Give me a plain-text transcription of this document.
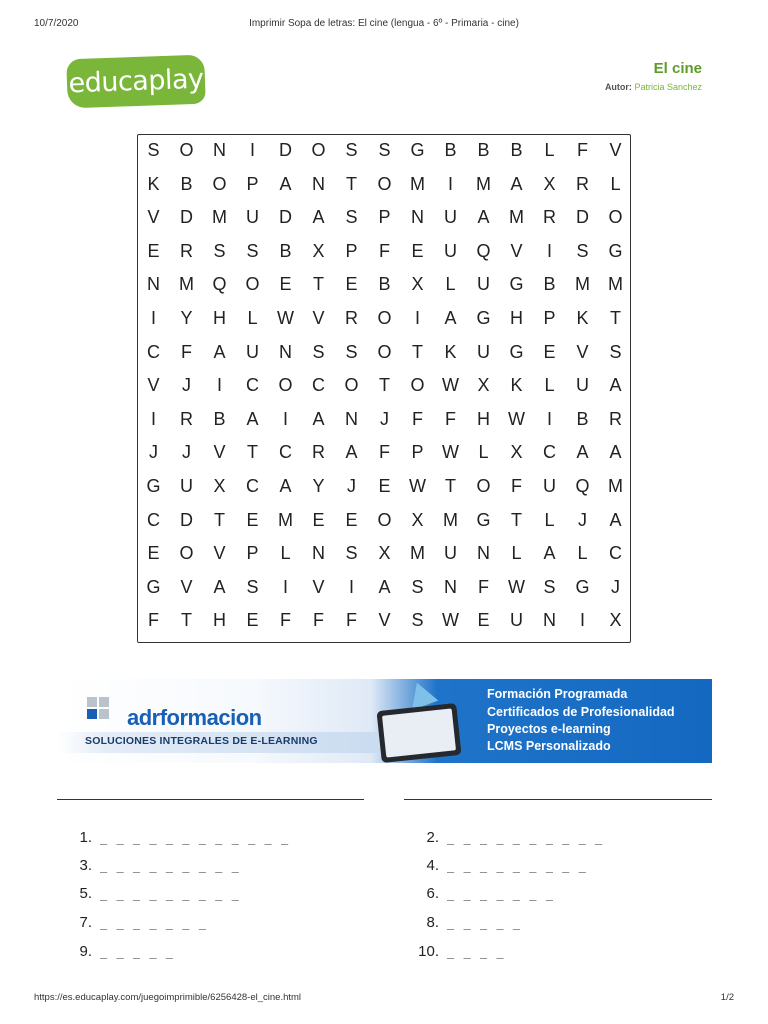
10/7/2020	Imprimir Sopa de letras: El cine (lengua - 6º - Primaria - cine)
educaplay	El cine
Autor: Patricia Sanchez
S	O	N	I	D	O	S	S	G	B	B	B	L	F	V
K	B	O	P	A	N	T	O	M	I	M	A	X	R	L
V	D	M	U	D	A	S	P	N	U	A	M	R	D	O
E	R	S	S	B	X	P	F	E	U	Q	V	I	S	G
N	M	Q	O	E	T	E	B	X	L	U	G	B	M	M
I	Y	H	L	W	V	R	O	I	A	G	H	P	K	T
C	F	A	U	N	S	S	O	T	K	U	G	E	V	S
V	J	I	C	O	C	O	T	O W	X	K	L	U	A
I	R	B	A	I	A	N	J	F	F	H	W	I	B	R
J	J	V	T	C	R	A	F	P	W	L	X	C	A	A
G	U	X	C	A	Y	J	E	W	T	O	F	U	Q	M
C	D	T	E	M	E	E	O	X	M	G	T	L	J	A
E	O	V	P	L	N	S	X	M	U	N	L	A	L	C
G	V	A	S	I	V	I	A	S	N	F	W	S	G	J
F	T	H	E	F	F	F	V	S	W	E	U	N	I	X
adrformacion
SOLUCIONES INTEGRALES DE E-LEARNING
Formación Programada
Certificados de Profesionalidad
Proyectos e-learning
LCMS Personalizado
1. _ _ _ _ _ _ _ _ _ _ _ _	2. _ _ _ _ _ _ _ _ _ _
3. _ _ _ _ _ _ _ _ _	4. _ _ _ _ _ _ _ _ _
5. _ _ _ _ _ _ _ _ _	6. _ _ _ _ _ _ _
7. _ _ _ _ _ _ _	8. _ _ _ _ _
9. _ _ _ _ _	10. _ _ _ _
https://es.educaplay.com/juegoimprimible/6256428-el_cine.html	1/2
